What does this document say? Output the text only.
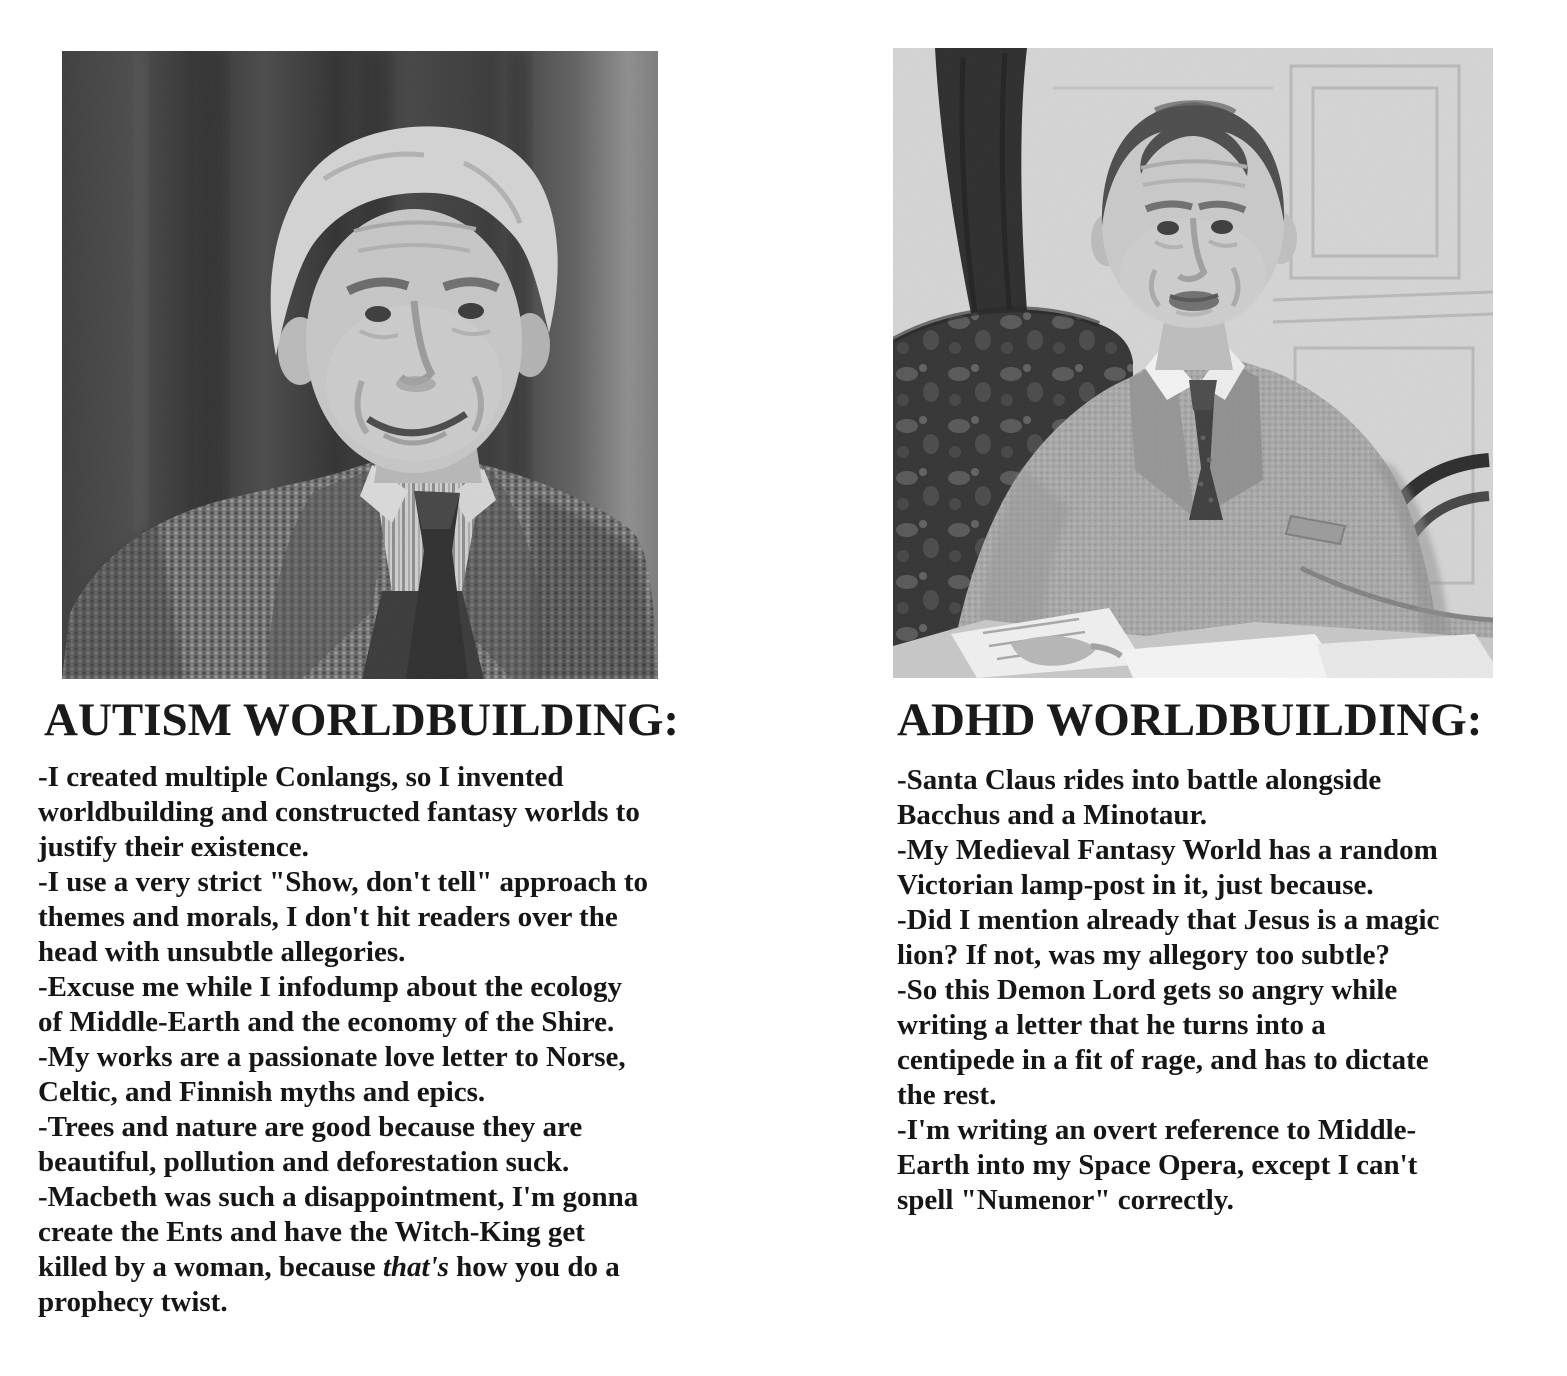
AUTISM WORLDBUILDING:	ADHD WORLDBUILDING:
-I created multiple Conlangs, so I invented
worldbuilding and constructed fantasy worlds to
justify their existence.
-I use a very strict "Show, don't tell" approach to
themes and morals, I don't hit readers over the
head with unsubtle allegories.
-Excuse me while I infodump about the ecology
of Middle-Earth and the economy of the Shire.
-My works are a passionate love letter to Norse,
Celtic, and Finnish myths and epics.
-Trees and nature are good because they are
beautiful, pollution and deforestation suck.
-Macbeth was such a disappointment, I'm gonna
create the Ents and have the Witch-King get
killed by a woman, because that's how you do a
prophecy twist.
-Santa Claus rides into battle alongside
Bacchus and a Minotaur.
-My Medieval Fantasy World has a random
Victorian lamp-post in it, just because.
-Did I mention already that Jesus is a magic
lion? If not, was my allegory too subtle?
-So this Demon Lord gets so angry while
writing a letter that he turns into a
centipede in a fit of rage, and has to dictate
the rest.
-I'm writing an overt reference to Middle-
Earth into my Space Opera, except I can't
spell "Numenor" correctly.
